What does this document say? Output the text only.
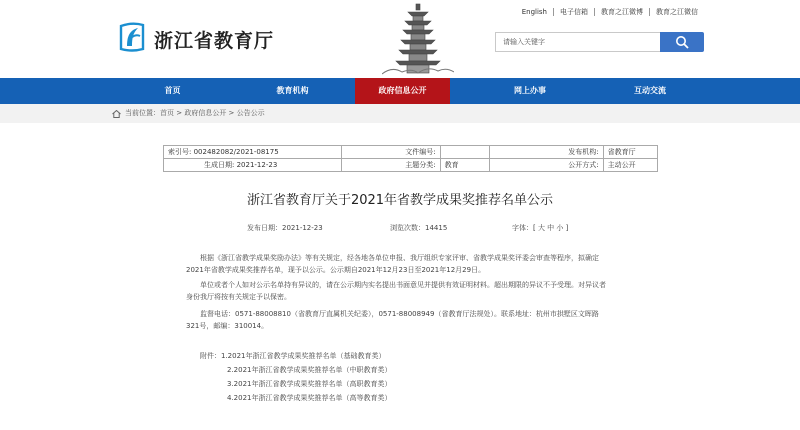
English	电子信箱	教育之江微博	教育之江微信
浙江省教育厅	请输入关键字
首页	教育机构	政府信息公开	网上办事	互动交流
当前位置： 首页 > 政府信息公开 > 公告公示
索引号: 002482082/2021-08175	文件编号:		发布机构:	省教育厅
生成日期: 2021-12-23	主题分类:	教育	公开方式:	主动公开
浙江省教育厅关于2021年省教学成果奖推荐名单公示
发布日期：2021-12-23	浏览次数：14415	字体：[ 大 中 小 ]
根据《浙江省教学成果奖励办法》等有关规定，经各地各单位申报、我厅组织专家评审、省教学成果奖评委会审查等程序，拟确定
2021年省教学成果奖推荐名单，现予以公示。公示期自2021年12月23日至2021年12月29日。
单位或者个人如对公示名单持有异议的，请在公示期内实名提出书面意见并提供有效证明材料。超出期限的异议不予受理。对异议者
身份我厅将按有关规定予以保密。
监督电话：0571-88008810（省教育厅直属机关纪委），0571-88008949（省教育厅法规处）。联系地址：杭州市拱墅区文晖路
321号，邮编：310014。
附件：1.2021年浙江省教学成果奖推荐名单（基础教育类）
2.2021年浙江省教学成果奖推荐名单（中职教育类）
3.2021年浙江省教学成果奖推荐名单（高职教育类）
4.2021年浙江省教学成果奖推荐名单（高等教育类）
